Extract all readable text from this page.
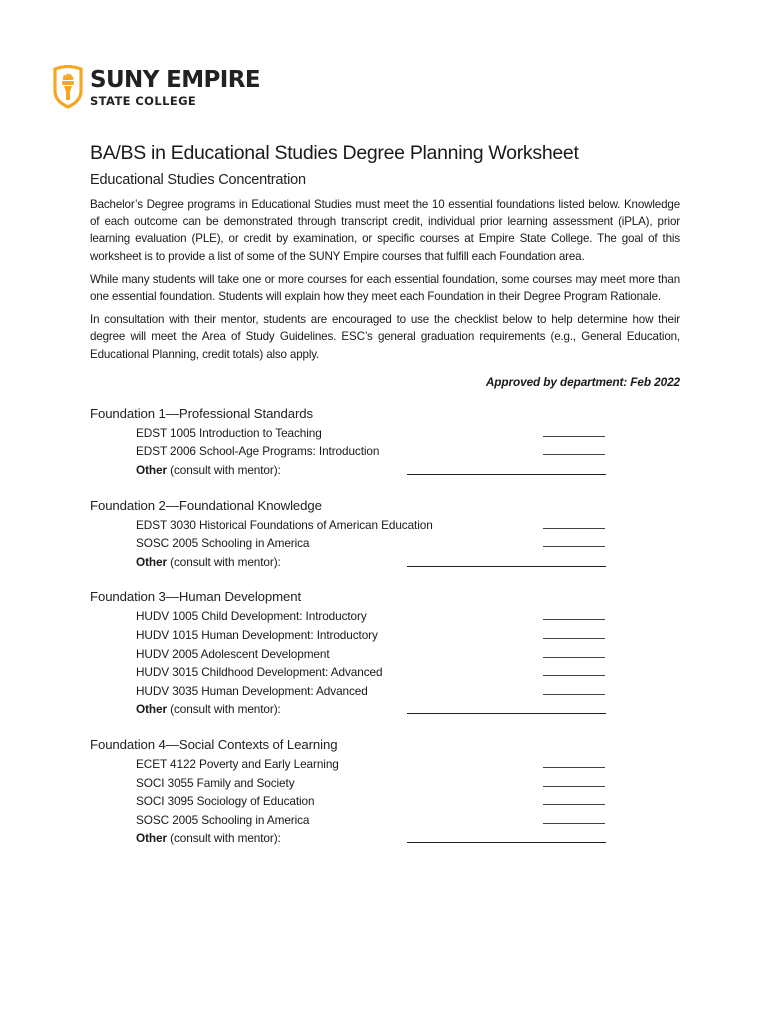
SUNY EMPIRE
STATE COLLEGE
BA/BS in Educational Studies Degree Planning Worksheet
Educational Studies Concentration

Bachelor’s Degree programs in Educational Studies must meet the 10 essential foundations listed below. Knowledge of each outcome can be demonstrated through transcript credit, individual prior learning assessment (iPLA), prior learning evaluation (PLE), or credit by examination, or specific courses at Empire State College. The goal of this worksheet is to provide a list of some of the SUNY Empire courses that fulfill each Foundation area.

While many students will take one or more courses for each essential foundation, some courses may meet more than one essential foundation. Students will explain how they meet each Foundation in their Degree Program Rationale.

In consultation with their mentor, students are encouraged to use the checklist below to help determine how their degree will meet the Area of Study Guidelines. ESC’s general graduation requirements (e.g., General Education, Educational Planning, credit totals) also apply.

Approved by department: Feb 2022
Foundation 1—Professional Standards
EDST 1005 Introduction to Teaching
EDST 2006 School-Age Programs: Introduction
Other (consult with mentor):
Foundation 2—Foundational Knowledge
EDST 3030 Historical Foundations of American Education
SOSC 2005 Schooling in America
Other (consult with mentor):
Foundation 3—Human Development
HUDV 1005 Child Development: Introductory
HUDV 1015 Human Development: Introductory
HUDV 2005 Adolescent Development
HUDV 3015 Childhood Development: Advanced
HUDV 3035 Human Development: Advanced
Other (consult with mentor):
Foundation 4—Social Contexts of Learning
ECET 4122 Poverty and Early Learning
SOCI 3055 Family and Society
SOCI 3095 Sociology of Education
SOSC 2005 Schooling in America
Other (consult with mentor):
